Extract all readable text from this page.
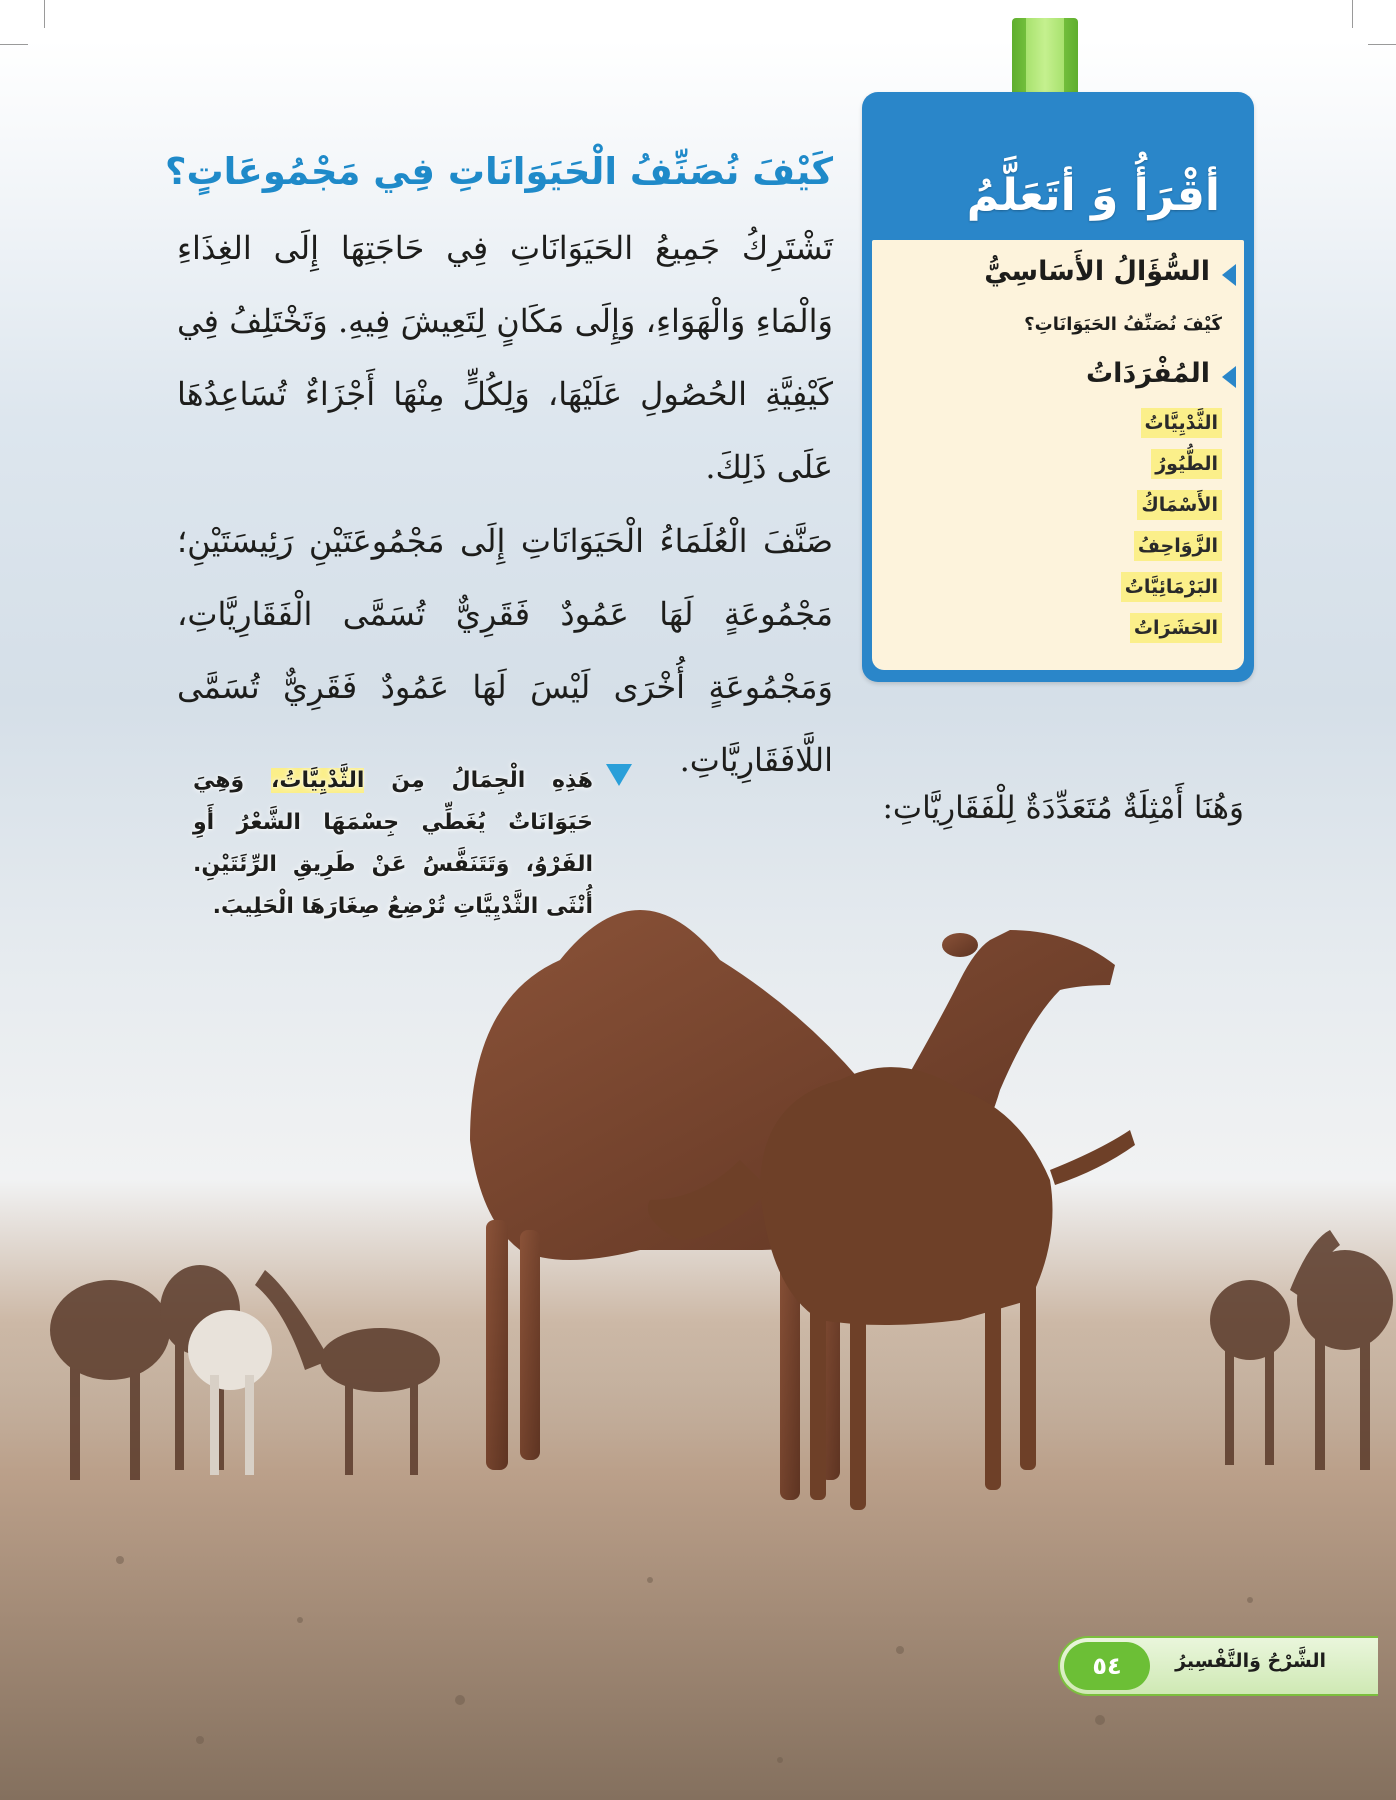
أقْرَأُ وَ أتَعَلَّمُ
السُّؤَالُ الأَسَاسِيُّ
كَيْفَ نُصَنِّفُ الحَيَوَانَاتِ؟
المُفْرَدَاتُ
الثَّدْيِيَّاتُ
الطُّيُورُ
الأَسْمَاكُ
الزَّوَاحِفُ
البَرْمَائِيَّاتُ
الحَشَرَاتُ
كَيْفَ نُصَنِّفُ الْحَيَوَانَاتِ فِي مَجْمُوعَاتٍ؟

تَشْتَرِكُ جَمِيعُ الحَيَوَانَاتِ فِي حَاجَتِهَا إِلَى الغِذَاءِ وَالْمَاءِ وَالْهَوَاءِ، وَإِلَى مَكَانٍ لِتَعِيشَ فِيهِ. وَتَخْتَلِفُ فِي كَيْفِيَّةِ الحُصُولِ عَلَيْهَا، وَلِكُلٍّ مِنْهَا أَجْزَاءٌ تُسَاعِدُهَا عَلَى ذَلِكَ.

صَنَّفَ الْعُلَمَاءُ الْحَيَوَانَاتِ إِلَى مَجْمُوعَتَيْنِ رَئِيسَتَيْنِ؛ مَجْمُوعَةٍ لَهَا عَمُودٌ فَقَرِيٌّ تُسَمَّى الْفَقَارِيَّاتِ، وَمَجْمُوعَةٍ أُخْرَى لَيْسَ لَهَا عَمُودٌ فَقَرِيٌّ تُسَمَّى اللَّافَقَارِيَّاتِ.

وَهُنَا أَمْثِلَةٌ مُتَعَدِّدَةٌ لِلْفَقَارِيَّاتِ:

هَذِهِ الْجِمَالُ مِنَ الثَّدْيِيَّاتُ، وَهِيَ حَيَوَانَاتٌ يُغَطِّي جِسْمَهَا الشَّعْرُ أَوِ الفَرْوُ، وَتَتَنَفَّسُ عَنْ طَرِيقِ الرِّئَتَيْنِ. أُنْثَى الثَّدْيِيَّاتِ تُرْضِعُ صِغَارَهَا الْحَلِيبَ.

الشَّرْحُ وَالتَّفْسِيرُ
٥٤
